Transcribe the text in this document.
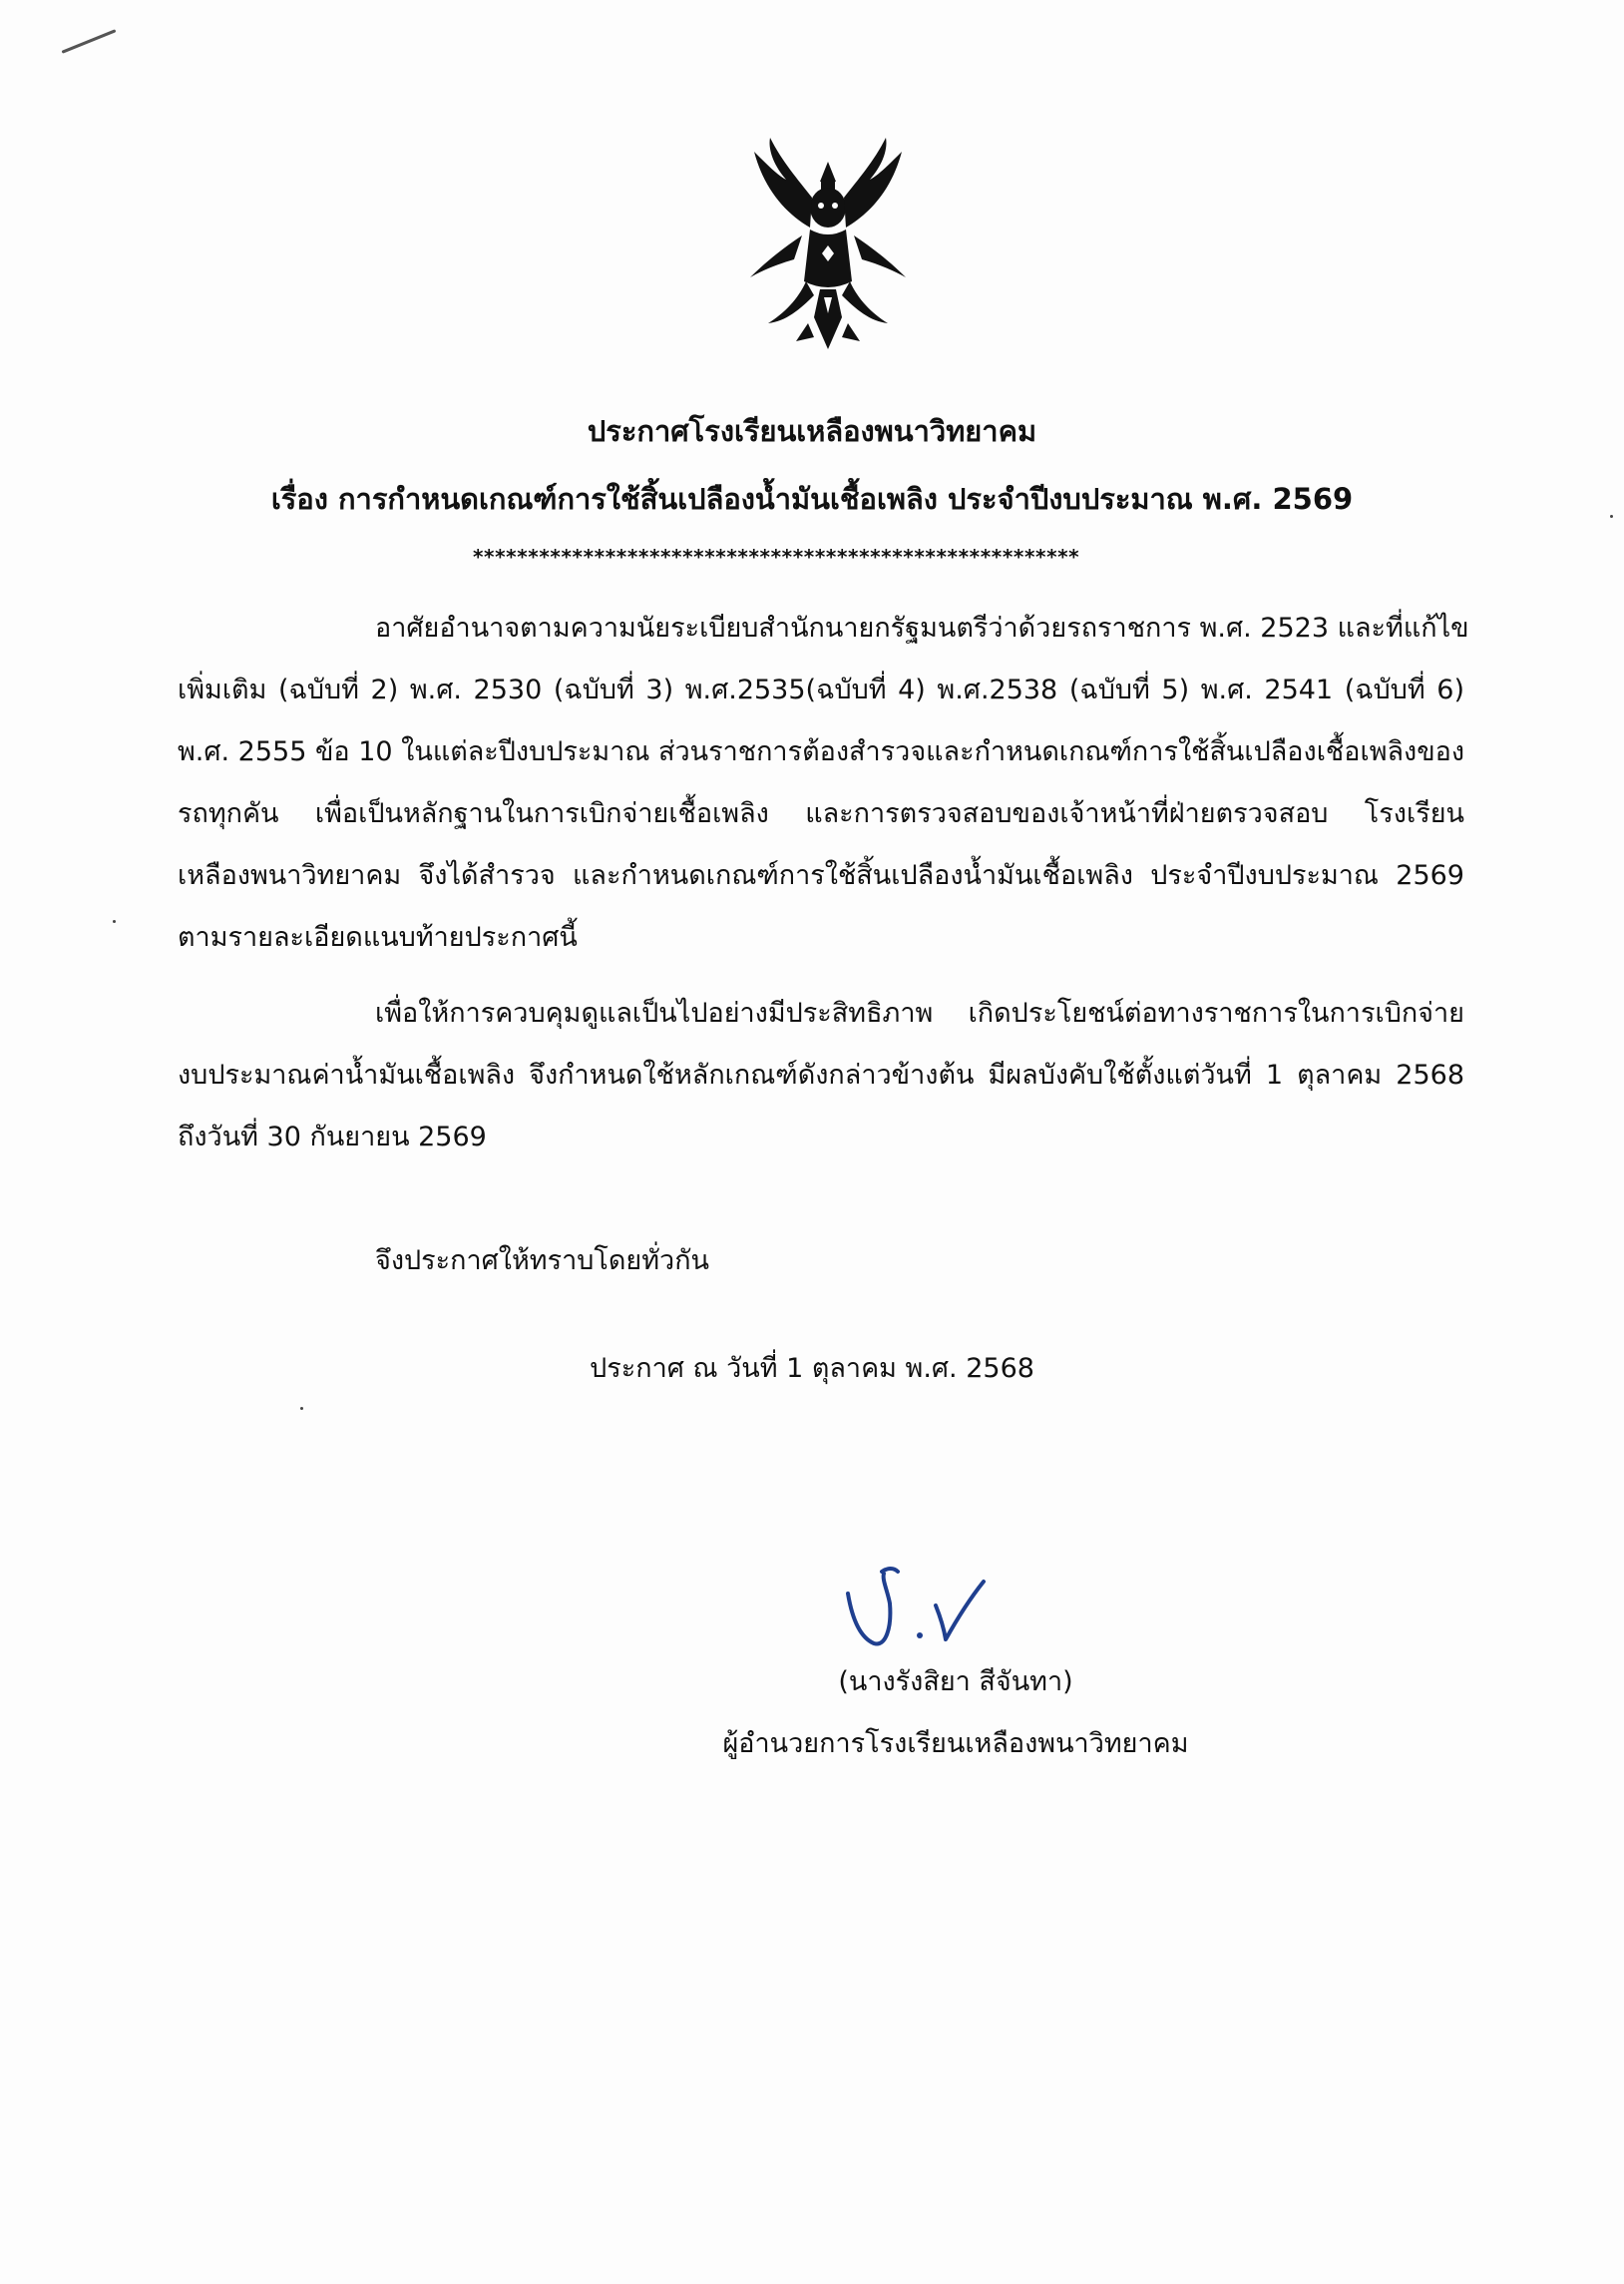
ประกาศโรงเรียนเหลืองพนาวิทยาคม
เรื่อง การกำหนดเกณฑ์การใช้สิ้นเปลืองน้ำมันเชื้อเพลิง ประจำปีงบประมาณ พ.ศ. 2569
*******************************************************
อาศัยอำนาจตามความนัยระเบียบสำนักนายกรัฐมนตรีว่าด้วยรถราชการ พ.ศ. 2523 และที่แก้ไข
เพิ่มเติม (ฉบับที่ 2) พ.ศ. 2530 (ฉบับที่ 3) พ.ศ.2535(ฉบับที่ 4) พ.ศ.2538 (ฉบับที่ 5) พ.ศ. 2541 (ฉบับที่ 6)
พ.ศ. 2555 ข้อ 10 ในแต่ละปีงบประมาณ ส่วนราชการต้องสำรวจและกำหนดเกณฑ์การใช้สิ้นเปลืองเชื้อเพลิงของ
รถทุกคัน เพื่อเป็นหลักฐานในการเบิกจ่ายเชื้อเพลิง และการตรวจสอบของเจ้าหน้าที่ฝ่ายตรวจสอบ โรงเรียน
เหลืองพนาวิทยาคม จึงได้สำรวจ และกำหนดเกณฑ์การใช้สิ้นเปลืองน้ำมันเชื้อเพลิง ประจำปีงบประมาณ 2569
ตามรายละเอียดแนบท้ายประกาศนี้
เพื่อให้การควบคุมดูแลเป็นไปอย่างมีประสิทธิภาพ เกิดประโยชน์ต่อทางราชการในการเบิกจ่าย
งบประมาณค่าน้ำมันเชื้อเพลิง จึงกำหนดใช้หลักเกณฑ์ดังกล่าวข้างต้น มีผลบังคับใช้ตั้งแต่วันที่ 1 ตุลาคม 2568
ถึงวันที่ 30 กันยายน 2569
จึงประกาศให้ทราบโดยทั่วกัน
ประกาศ ณ วันที่ 1 ตุลาคม พ.ศ. 2568
(นางรังสิยา สีจันทา)
ผู้อำนวยการโรงเรียนเหลืองพนาวิทยาคม
